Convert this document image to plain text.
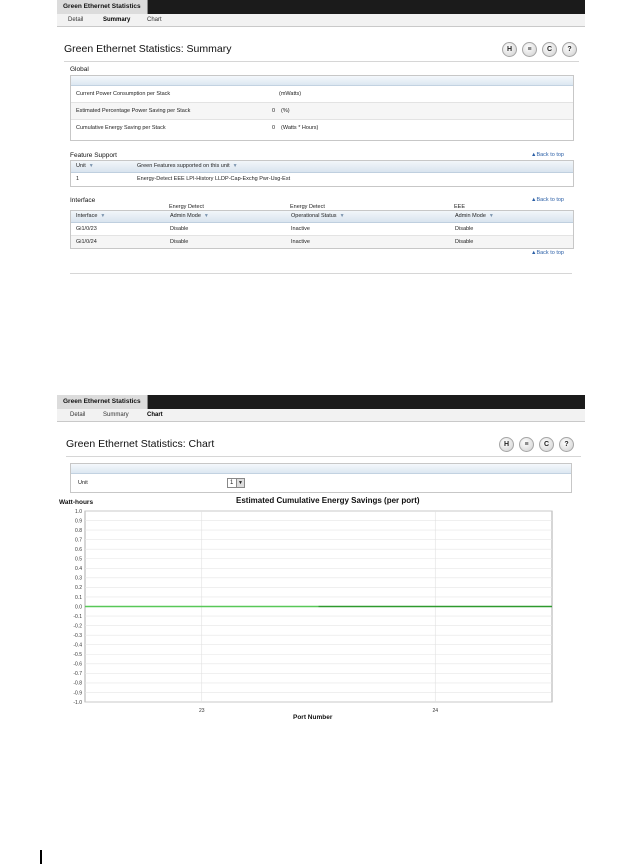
Green Ethernet Statistics
Detail	Summary	Chart
Green Ethernet Statistics: Summary	H	≡	C	?
Global
Current Power Consumption per Stack	(mWatts)
Estimated Percentage Power Saving per Stack	0 (%)
Cumulative Energy Saving per Stack	0 (Watts * Hours)
Feature Support	▲Back to top
Unit ▼	Green Features supported on this unit ▼
1	Energy-Detect EEE LPI-History LLDP-Cap-Exchg Pwr-Usg-Est
Interface	▲Back to top
Energy Detect	Energy Detect	EEE
Interface ▼	Admin Mode ▼	Operational Status ▼	Admin Mode ▼
Gi1/0/23	Disable	Inactive	Disable
Gi1/0/24	Disable	Inactive	Disable
▲Back to top
Green Ethernet Statistics
Detail	Summary	Chart
Green Ethernet Statistics: Chart	H	≡	C	?
Unit	1 ▼
Watt-hours	Estimated Cumulative Energy Savings (per port)
1.0
0.9
0.8
0.7
0.6
0.5
0.4
0.3
0.2
0.1
0.0
-0.1
-0.2
-0.3
-0.4
-0.5
-0.6
-0.7
-0.8
-0.9
-1.0
23	24
Port Number
